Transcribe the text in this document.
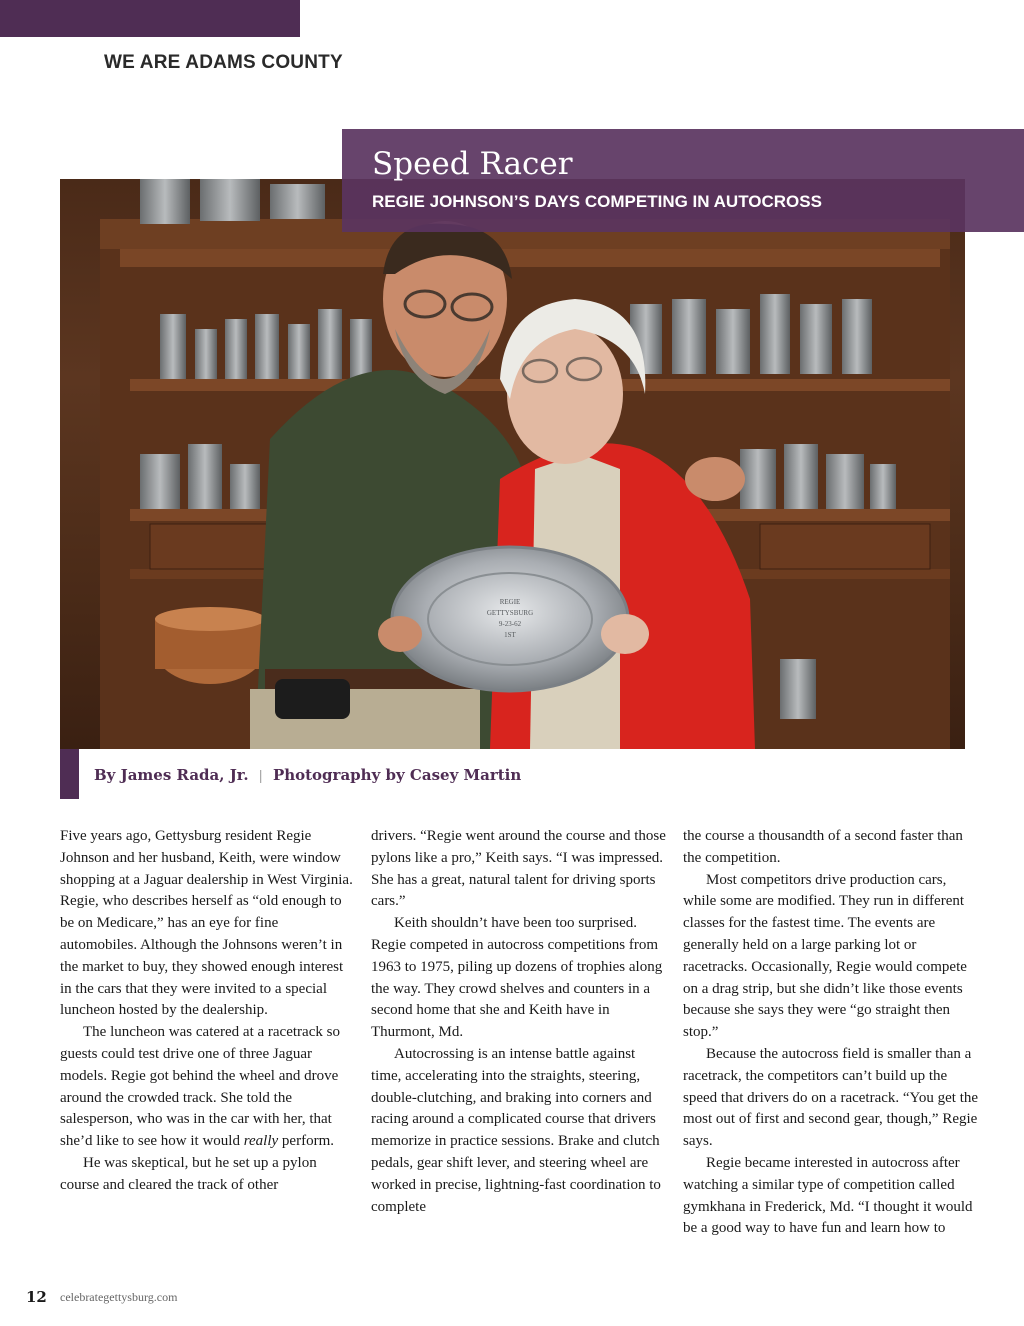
WE ARE ADAMS COUNTY
REGIE
GETTYSBURG
9-23-62
1ST
Speed Racer
REGIE JOHNSON’S DAYS COMPETING IN AUTOCROSS
By James Rada, Jr. | Photography by Casey Martin

Five years ago, Gettysburg resident Regie Johnson and her husband, Keith, were window shopping at a Jaguar dealership in West Virginia. Regie, who describes herself as “old enough to be on Medicare,” has an eye for fine automobiles. Although the Johnsons weren’t in the market to buy, they showed enough interest in the cars that they were invited to a special luncheon hosted by the dealership.

The luncheon was catered at a racetrack so guests could test drive one of three Jaguar models. Regie got behind the wheel and drove around the crowded track. She told the salesperson, who was in the car with her, that she’d like to see how it would really perform.

He was skeptical, but he set up a pylon course and cleared the track of other

drivers. “Regie went around the course and those pylons like a pro,” Keith says. “I was impressed. She has a great, natural talent for driving sports cars.”

Keith shouldn’t have been too surprised. Regie competed in autocross competitions from 1963 to 1975, piling up dozens of trophies along the way. They crowd shelves and counters in a second home that she and Keith have in Thurmont, Md.

Autocrossing is an intense battle against time, accelerating into the straights, steering, double-clutching, and braking into corners and racing around a complicated course that drivers memorize in practice sessions. Brake and clutch pedals, gear shift lever, and steering wheel are worked in precise, lightning-fast coordination to complete

the course a thousandth of a second faster than the competition.

Most competitors drive production cars, while some are modified. They run in different classes for the fastest time. The events are generally held on a large parking lot or racetracks. Occasionally, Regie would compete on a drag strip, but she didn’t like those events because she says they were “go straight then stop.”

Because the autocross field is smaller than a racetrack, the competitors can’t build up the speed that drivers do on a racetrack. “You get the most out of first and second gear, though,” Regie says.

Regie became interested in autocross after watching a similar type of competition called gymkhana in Frederick, Md. “I thought it would be a good way to have fun and learn how to

12 celebrategettysburg.com
